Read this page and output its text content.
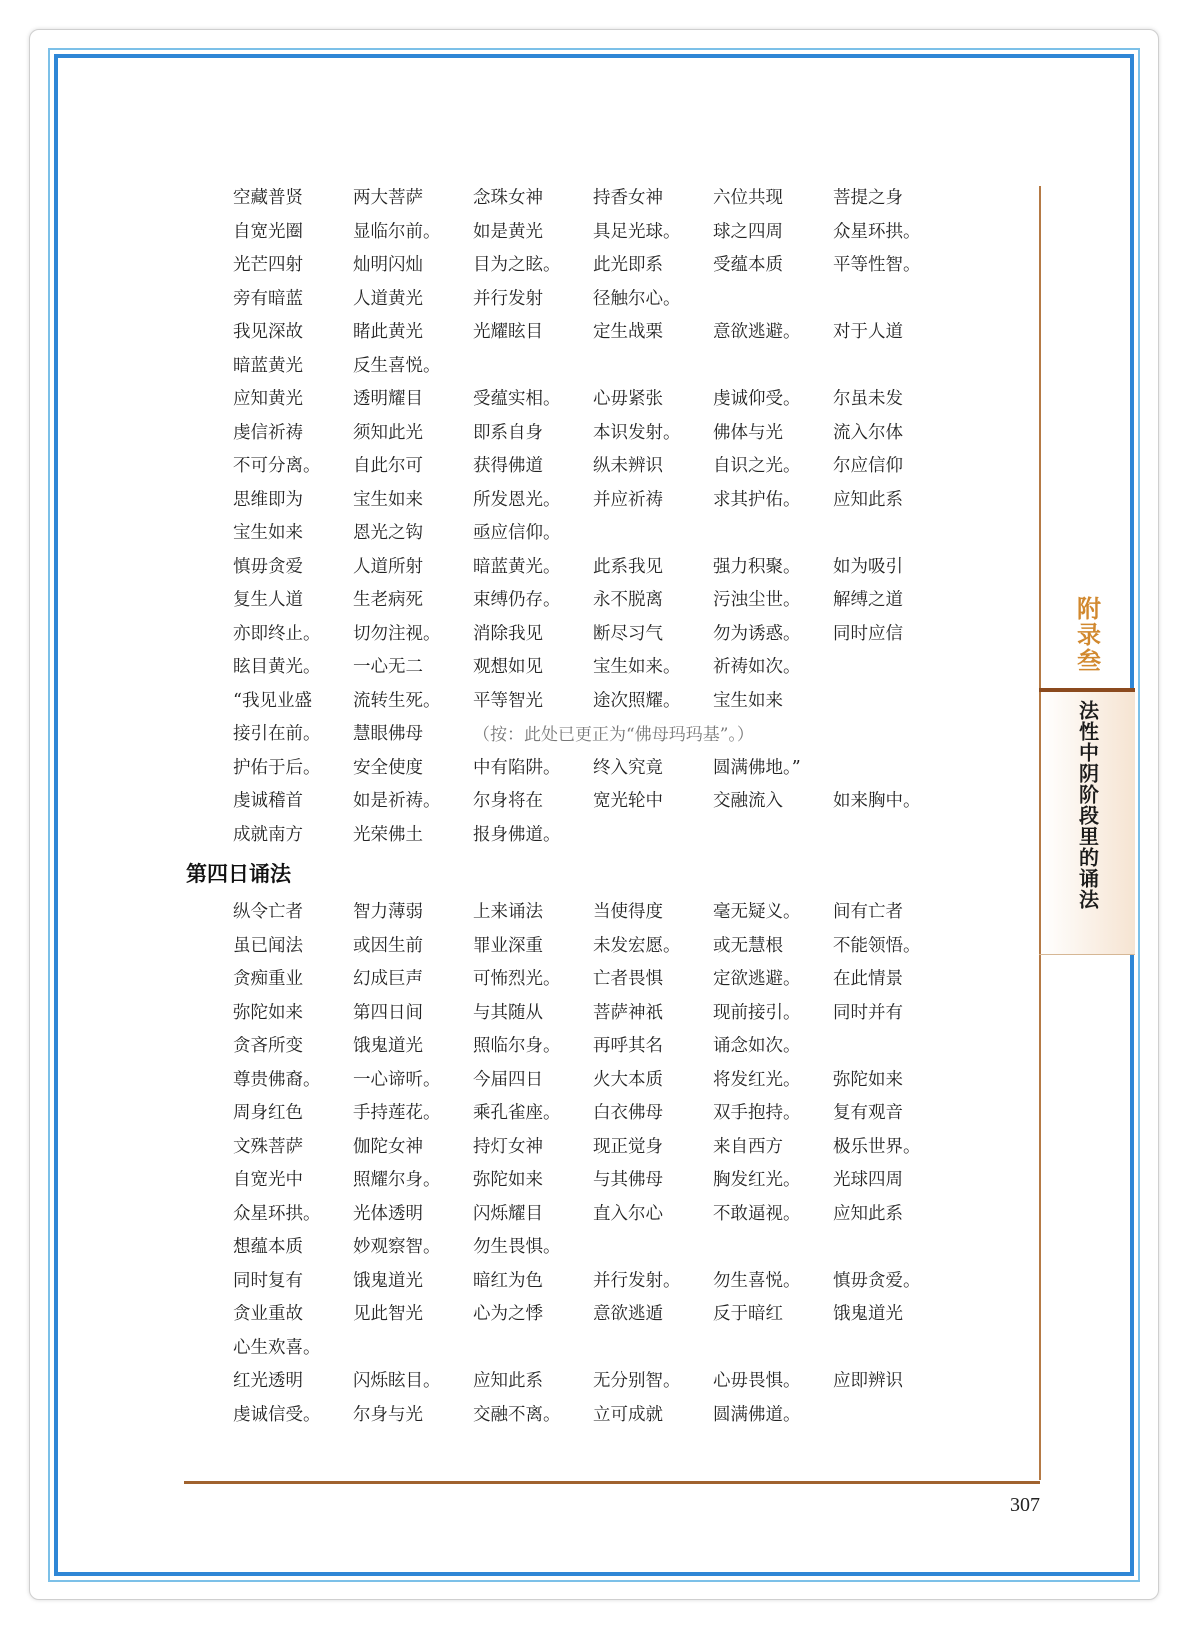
附录叁
法性中阴阶段里的诵法
空藏普贤	两大菩萨	念珠女神	持香女神	六位共现	菩提之身
自宽光圈	显临尔前。	如是黄光	具足光球。	球之四周	众星环拱。
光芒四射	灿明闪灿	目为之眩。	此光即系	受蕴本质	平等性智。
旁有暗蓝	人道黄光	并行发射	径触尔心。
我见深故	睹此黄光	光耀眩目	定生战栗	意欲逃避。	对于人道
暗蓝黄光	反生喜悦。
应知黄光	透明耀目	受蕴实相。	心毋紧张	虔诚仰受。	尔虽未发
虔信祈祷	须知此光	即系自身	本识发射。	佛体与光	流入尔体
不可分离。	自此尔可	获得佛道	纵未辨识	自识之光。	尔应信仰
思维即为	宝生如来	所发恩光。	并应祈祷	求其护佑。	应知此系
宝生如来	恩光之钩	亟应信仰。
慎毋贪爱	人道所射	暗蓝黄光。	此系我见	强力积聚。	如为吸引
复生人道	生老病死	束缚仍存。	永不脱离	污浊尘世。	解缚之道
亦即终止。	切勿注视。	消除我见	断尽习气	勿为诱惑。	同时应信
眩目黄光。	一心无二	观想如见	宝生如来。	祈祷如次。
“我见业盛	流转生死。	平等智光	途次照耀。	宝生如来
接引在前。	慧眼佛母	（按：此处已更正为“佛母玛玛基”。）
护佑于后。	安全使度	中有陷阱。	终入究竟	圆满佛地。”
虔诚稽首	如是祈祷。	尔身将在	宽光轮中	交融流入	如来胸中。
成就南方	光荣佛土	报身佛道。
第四日诵法
纵令亡者	智力薄弱	上来诵法	当使得度	毫无疑义。	间有亡者
虽已闻法	或因生前	罪业深重	未发宏愿。	或无慧根	不能领悟。
贪痴重业	幻成巨声	可怖烈光。	亡者畏惧	定欲逃避。	在此情景
弥陀如来	第四日间	与其随从	菩萨神祇	现前接引。	同时并有
贪吝所变	饿鬼道光	照临尔身。	再呼其名	诵念如次。
尊贵佛裔。	一心谛听。	今届四日	火大本质	将发红光。	弥陀如来
周身红色	手持莲花。	乘孔雀座。	白衣佛母	双手抱持。	复有观音
文殊菩萨	伽陀女神	持灯女神	现正觉身	来自西方	极乐世界。
自宽光中	照耀尔身。	弥陀如来	与其佛母	胸发红光。	光球四周
众星环拱。	光体透明	闪烁耀目	直入尔心	不敢逼视。	应知此系
想蕴本质	妙观察智。	勿生畏惧。
同时复有	饿鬼道光	暗红为色	并行发射。	勿生喜悦。	慎毋贪爱。
贪业重故	见此智光	心为之悸	意欲逃遁	反于暗红	饿鬼道光
心生欢喜。
红光透明	闪烁眩目。	应知此系	无分别智。	心毋畏惧。	应即辨识
虔诚信受。	尔身与光	交融不离。	立可成就	圆满佛道。
307
